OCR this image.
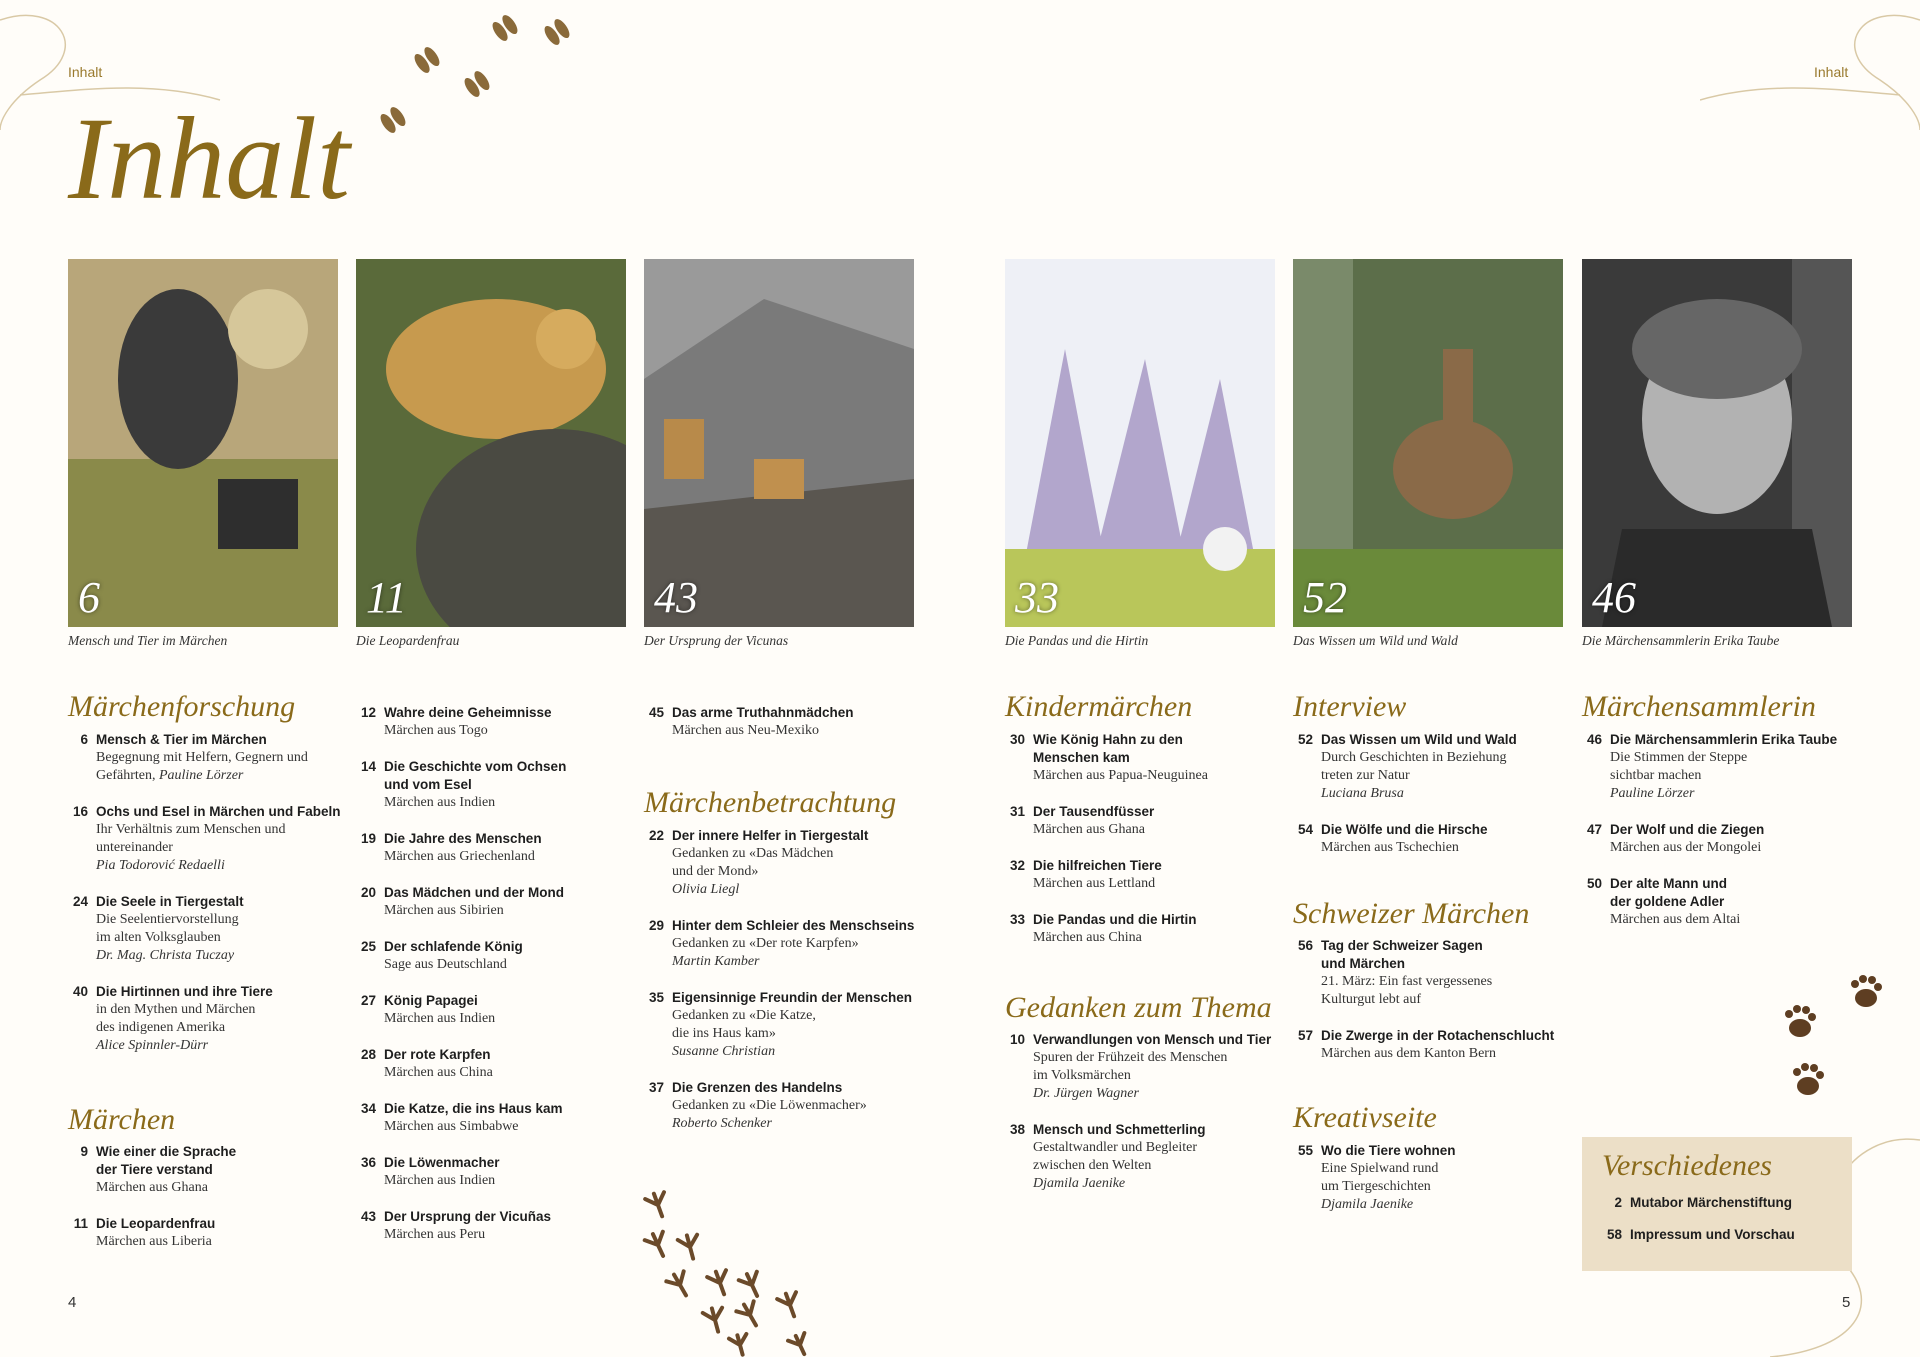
Inhalt	Inhalt
Inhalt
6
Mensch und Tier im Märchen
11
Die Leopardenfrau
43
Der Ursprung der Vicunas
33
Die Pandas und die Hirtin
52
Das Wissen um Wild und Wald
46
Die Märchensammlerin Erika Taube
Märchenforschung
6 Mensch & Tier im Märchen
Begegnung mit Helfern, Gegnern und
Gefährten, Pauline Lörzer
16 Ochs und Esel in Märchen und Fabeln
Ihr Verhältnis zum Menschen und
untereinander
Pia Todorović Redaelli
24 Die Seele in Tiergestalt
Die Seelentiervorstellung
im alten Volksglauben
Dr. Mag. Christa Tuczay
40 Die Hirtinnen und ihre Tiere
in den Mythen und Märchen
des indigenen Amerika
Alice Spinnler-Dürr
Märchen
9 Wie einer die Sprache der Tiere verstand
Märchen aus Ghana
11 Die Leopardenfrau
Märchen aus Liberia
12 Wahre deine Geheimnisse
Märchen aus Togo
14 Die Geschichte vom Ochsen und vom Esel
Märchen aus Indien
19 Die Jahre des Menschen
Märchen aus Griechenland
20 Das Mädchen und der Mond
Märchen aus Sibirien
25 Der schlafende König
Sage aus Deutschland
27 König Papagei
Märchen aus Indien
28 Der rote Karpfen
Märchen aus China
34 Die Katze, die ins Haus kam
Märchen aus Simbabwe
36 Die Löwenmacher
Märchen aus Indien
43 Der Ursprung der Vicuñas
Märchen aus Peru
45 Das arme Truthahnmädchen
Märchen aus Neu-Mexiko
Märchenbetrachtung
22 Der innere Helfer in Tiergestalt
Gedanken zu «Das Mädchen
und der Mond»
Olivia Liegl
29 Hinter dem Schleier des Menschseins
Gedanken zu «Der rote Karpfen»
Martin Kamber
35 Eigensinnige Freundin der Menschen
Gedanken zu «Die Katze,
die ins Haus kam»
Susanne Christian
37 Die Grenzen des Handelns
Gedanken zu «Die Löwenmacher»
Roberto Schenker
Kindermärchen
30 Wie König Hahn zu den Menschen kam
Märchen aus Papua-Neuguinea
31 Der Tausendfüsser
Märchen aus Ghana
32 Die hilfreichen Tiere
Märchen aus Lettland
33 Die Pandas und die Hirtin
Märchen aus China
Gedanken zum Thema
10 Verwandlungen von Mensch und Tier
Spuren der Frühzeit des Menschen
im Volksmärchen
Dr. Jürgen Wagner
38 Mensch und Schmetterling
Gestaltwandler und Begleiter
zwischen den Welten
Djamila Jaenike
Interview
52 Das Wissen um Wild und Wald
Durch Geschichten in Beziehung
treten zur Natur
Luciana Brusa
54 Die Wölfe und die Hirsche
Märchen aus Tschechien
Schweizer Märchen
56 Tag der Schweizer Sagen und Märchen
21. März: Ein fast vergessenes
Kulturgut lebt auf
57 Die Zwerge in der Rotachenschlucht
Märchen aus dem Kanton Bern
Kreativseite
55 Wo die Tiere wohnen
Eine Spielwand rund
um Tiergeschichten
Djamila Jaenike
Märchensammlerin
46 Die Märchensammlerin Erika Taube
Die Stimmen der Steppe
sichtbar machen
Pauline Lörzer
47 Der Wolf und die Ziegen
Märchen aus der Mongolei
50 Der alte Mann und der goldene Adler
Märchen aus dem Altai
Verschiedenes
2 Mutabor Märchenstiftung
58 Impressum und Vorschau
4	5
